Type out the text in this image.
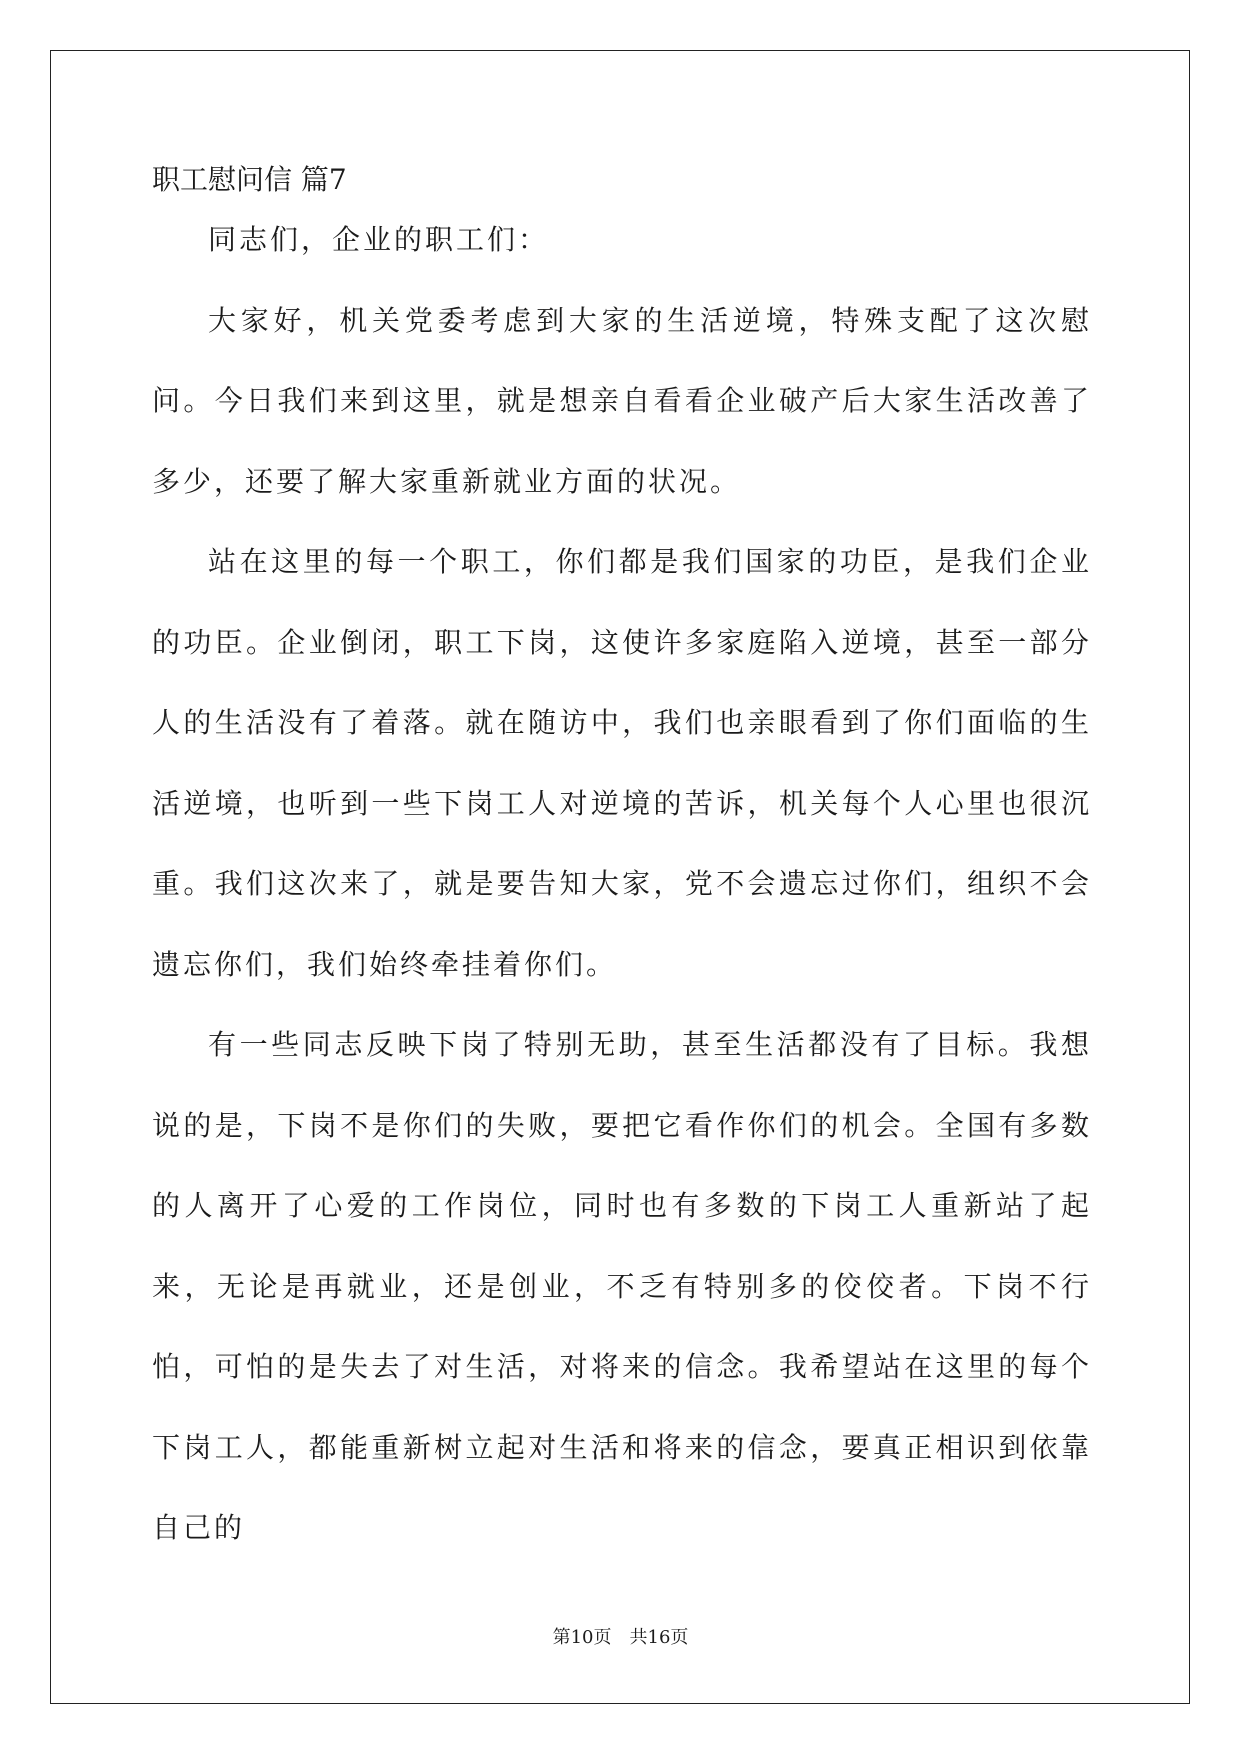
职工慰问信 篇7

同志们，企业的职工们：

大家好，机关党委考虑到大家的生活逆境，特殊支配了这次慰问。今日我们来到这里，就是想亲自看看企业破产后大家生活改善了多少，还要了解大家重新就业方面的状况。

站在这里的每一个职工，你们都是我们国家的功臣，是我们企业的功臣。企业倒闭，职工下岗，这使许多家庭陷入逆境，甚至一部分人的生活没有了着落。就在随访中，我们也亲眼看到了你们面临的生活逆境，也听到一些下岗工人对逆境的苦诉，机关每个人心里也很沉重。我们这次来了，就是要告知大家，党不会遗忘过你们，组织不会遗忘你们，我们始终牵挂着你们。

有一些同志反映下岗了特别无助，甚至生活都没有了目标。我想说的是，下岗不是你们的失败，要把它看作你们的机会。全国有多数的人离开了心爱的工作岗位，同时也有多数的下岗工人重新站了起来，无论是再就业，还是创业，不乏有特别多的佼佼者。下岗不行怕，可怕的是失去了对生活，对将来的信念。我希望站在这里的每个下岗工人，都能重新树立起对生活和将来的信念，要真正相识到依靠自己的

第10页 共16页
